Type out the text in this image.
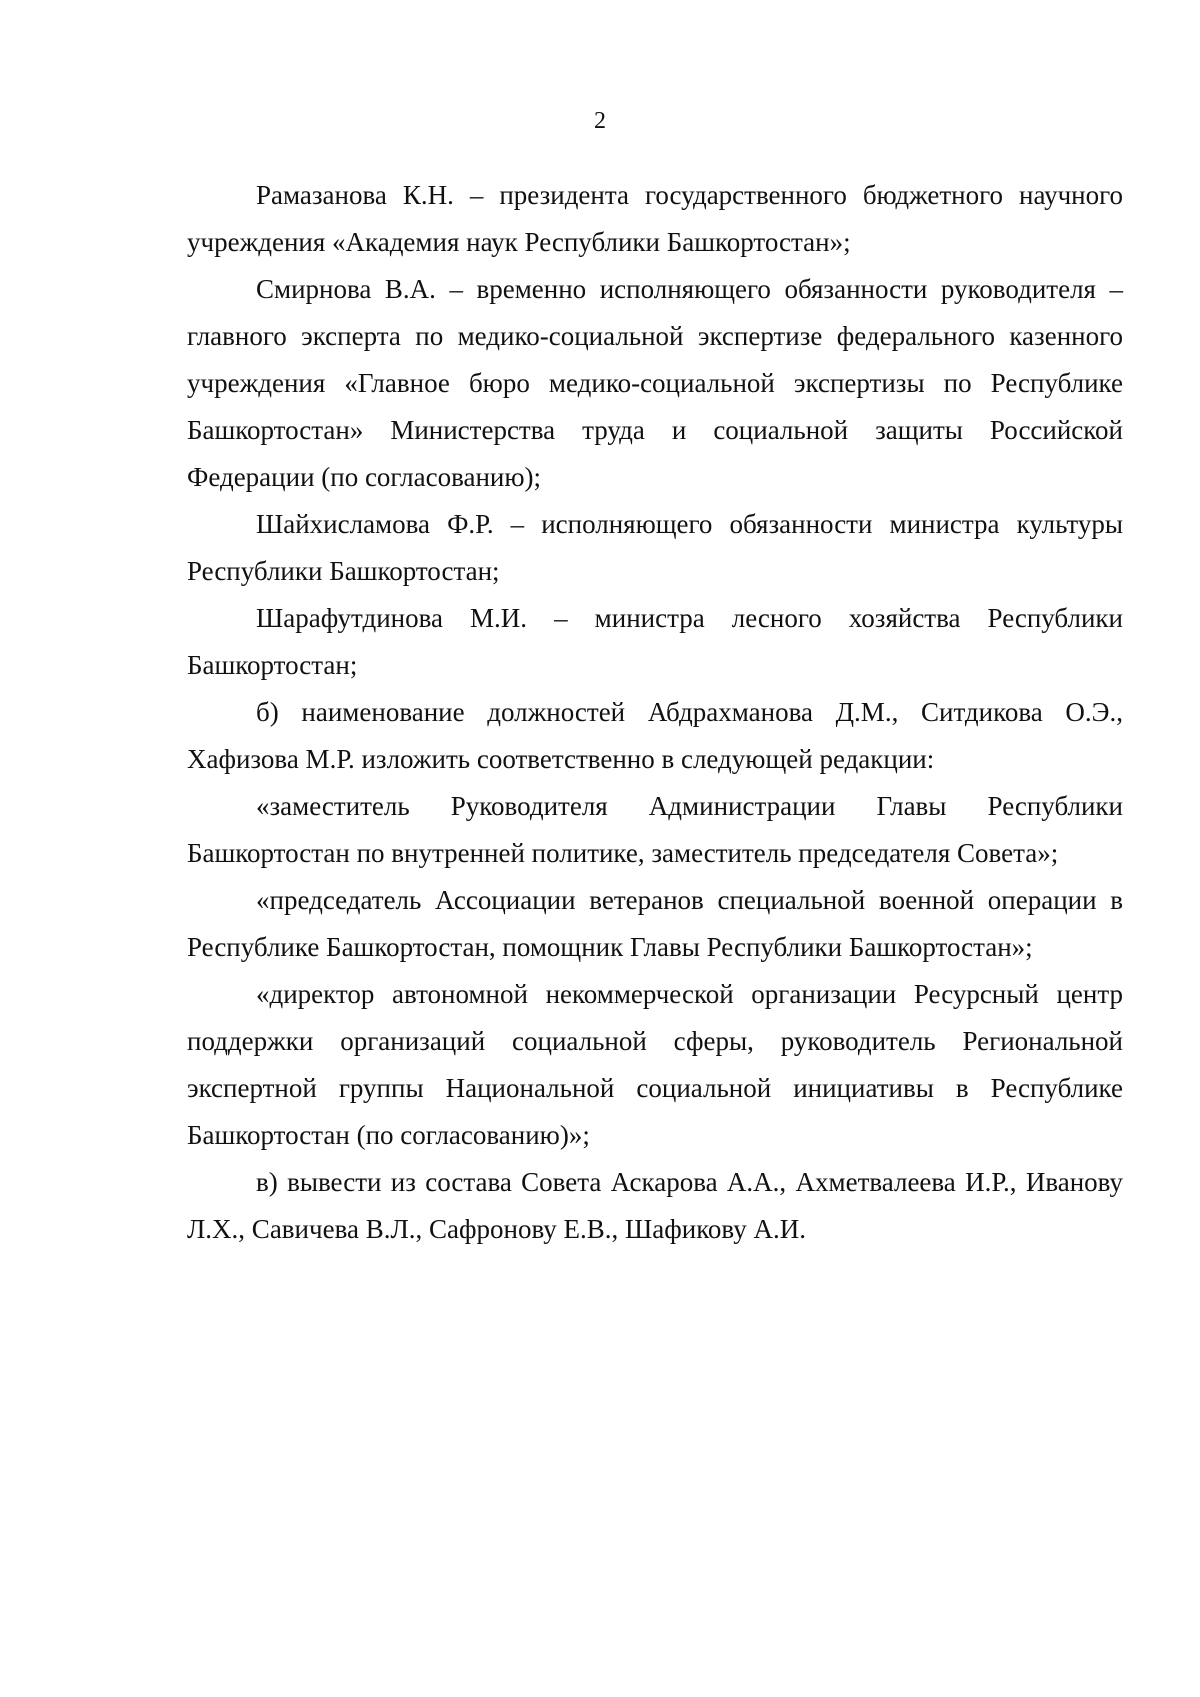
2

Рамазанова К.Н. – президента государственного бюджетного научного учреждения «Академия наук Республики Башкортостан»;

Смирнова В.А. – временно исполняющего обязанности руководителя – главного эксперта по медико-социальной экспертизе федерального казенного учреждения «Главное бюро медико-социальной экспертизы по Республике Башкортостан» Министерства труда и социальной защиты Российской Федерации (по согласованию);

Шайхисламова Ф.Р. – исполняющего обязанности министра культуры Республики Башкортостан;

Шарафутдинова М.И. – министра лесного хозяйства Республики Башкортостан;

б) наименование должностей Абдрахманова Д.М., Ситдикова О.Э., Хафизова М.Р. изложить соответственно в следующей редакции:

«заместитель Руководителя Администрации Главы Республики Башкортостан по внутренней политике, заместитель председателя Совета»;

«председатель Ассоциации ветеранов специальной военной операции в Республике Башкортостан, помощник Главы Республики Башкортостан»;

«директор автономной некоммерческой организации Ресурсный центр поддержки организаций социальной сферы, руководитель Региональной экспертной группы Национальной социальной инициативы в Республике Башкортостан (по согласованию)»;

в) вывести из состава Совета Аскарова А.А., Ахметвалеева И.Р., Иванову Л.Х., Савичева В.Л., Сафронову Е.В., Шафикову А.И.
